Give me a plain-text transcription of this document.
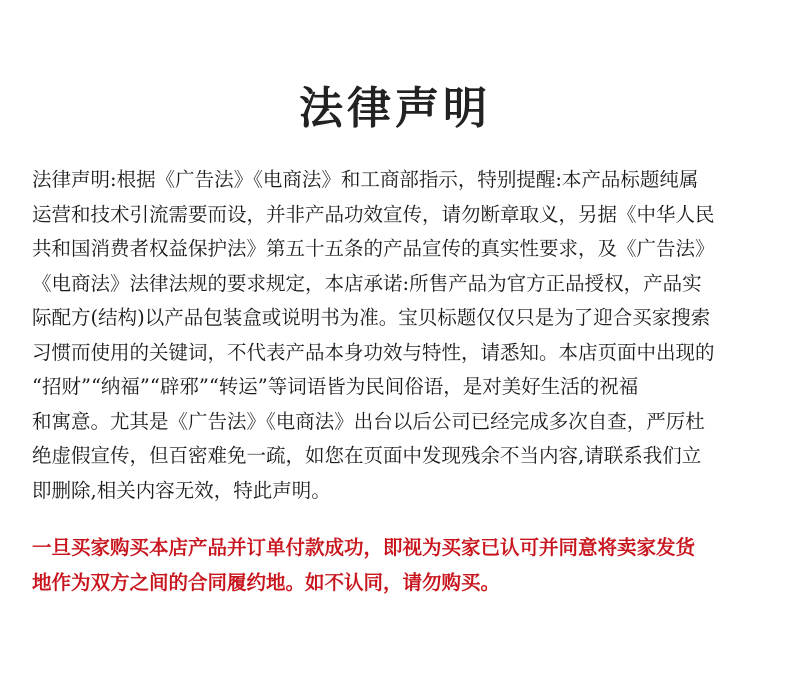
法律声明
法律声明:根据《广告法》《电商法》和工商部指示，特别提醒:本产品标题纯属
运营和技术引流需要而设，并非产品功效宣传，请勿断章取义，另据《中华人民
共和国消费者权益保护法》第五十五条的产品宣传的真实性要求，及《广告法》
《电商法》法律法规的要求规定，本店承诺:所售产品为官方正品授权，产品实
际配方(结构)以产品包装盒或说明书为准。宝贝标题仅仅只是为了迎合买家搜索
习惯而使用的关键词，不代表产品本身功效与特性，请悉知。本店页面中出现的
“招财”“纳福”“辟邪”“转运”等词语皆为民间俗语，是对美好生活的祝福
和寓意。尤其是《广告法》《电商法》出台以后公司已经完成多次自查，严厉杜
绝虚假宣传，但百密难免一疏，如您在页面中发现残余不当内容,请联系我们立
即删除,相关内容无效，特此声明。
一旦买家购买本店产品并订单付款成功，即视为买家已认可并同意将卖家发货
地作为双方之间的合同履约地。如不认同，请勿购买。
